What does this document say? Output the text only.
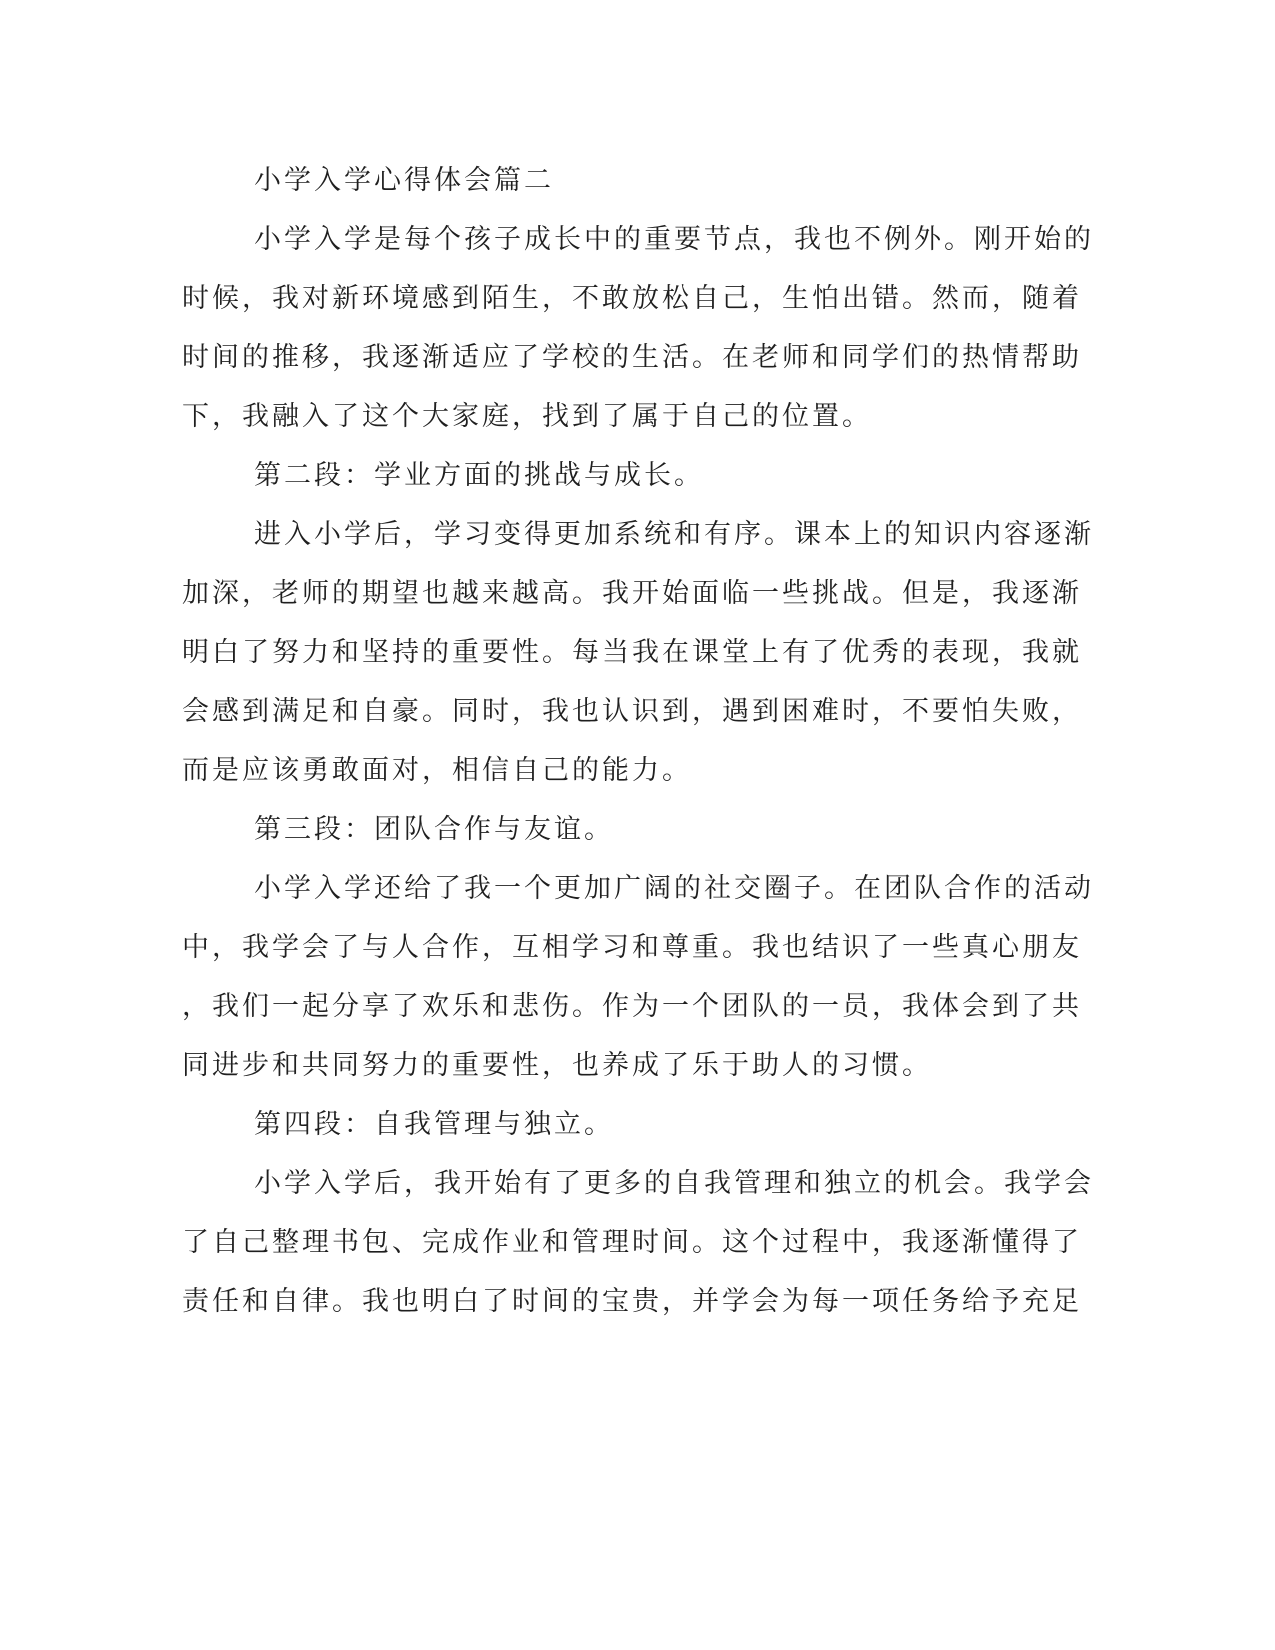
小学入学心得体会篇二
小学入学是每个孩子成长中的重要节点，我也不例外。刚开始的
时候，我对新环境感到陌生，不敢放松自己，生怕出错。然而，随着
时间的推移，我逐渐适应了学校的生活。在老师和同学们的热情帮助
下，我融入了这个大家庭，找到了属于自己的位置。
第二段：学业方面的挑战与成长。
进入小学后，学习变得更加系统和有序。课本上的知识内容逐渐
加深，老师的期望也越来越高。我开始面临一些挑战。但是，我逐渐
明白了努力和坚持的重要性。每当我在课堂上有了优秀的表现，我就
会感到满足和自豪。同时，我也认识到，遇到困难时，不要怕失败，
而是应该勇敢面对，相信自己的能力。
第三段：团队合作与友谊。
小学入学还给了我一个更加广阔的社交圈子。在团队合作的活动
中，我学会了与人合作，互相学习和尊重。我也结识了一些真心朋友
，我们一起分享了欢乐和悲伤。作为一个团队的一员，我体会到了共
同进步和共同努力的重要性，也养成了乐于助人的习惯。
第四段：自我管理与独立。
小学入学后，我开始有了更多的自我管理和独立的机会。我学会
了自己整理书包、完成作业和管理时间。这个过程中，我逐渐懂得了
责任和自律。我也明白了时间的宝贵，并学会为每一项任务给予充足
